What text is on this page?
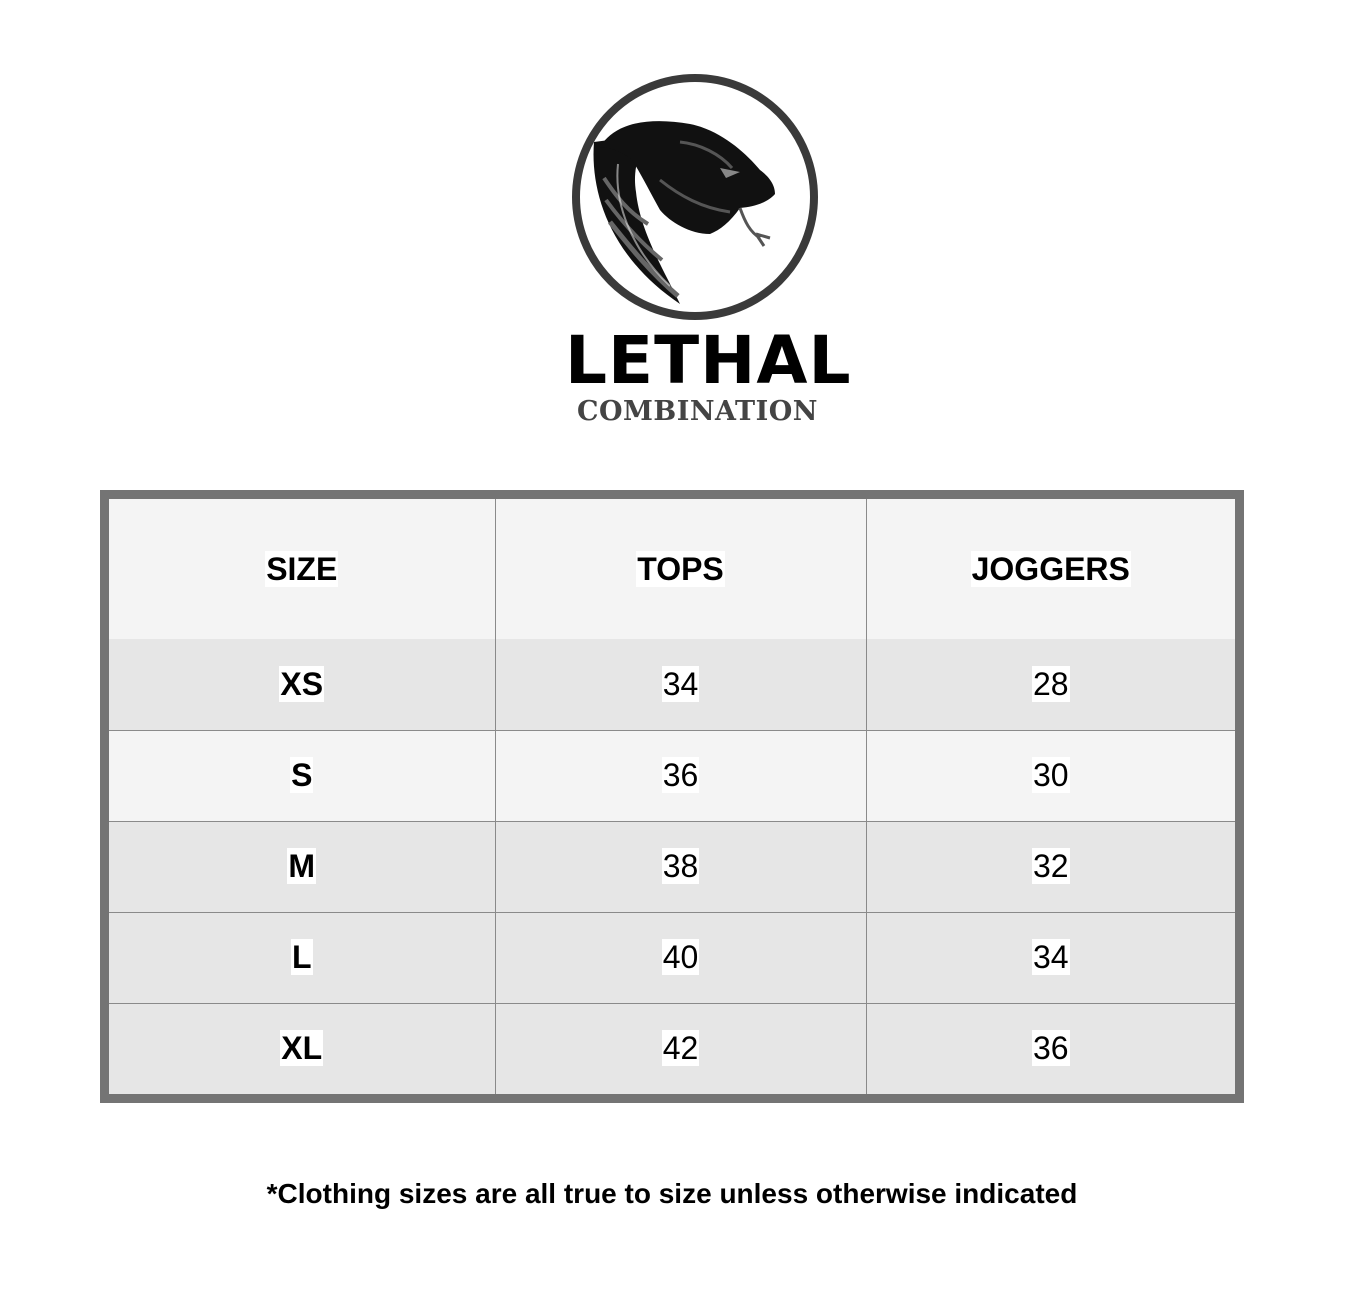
LETHAL
COMBINATION
SIZE	TOPS	JOGGERS
XS	34	28
S	36	30
M	38	32
L	40	34
XL	42	36
*Clothing sizes are all true to size unless otherwise indicated
